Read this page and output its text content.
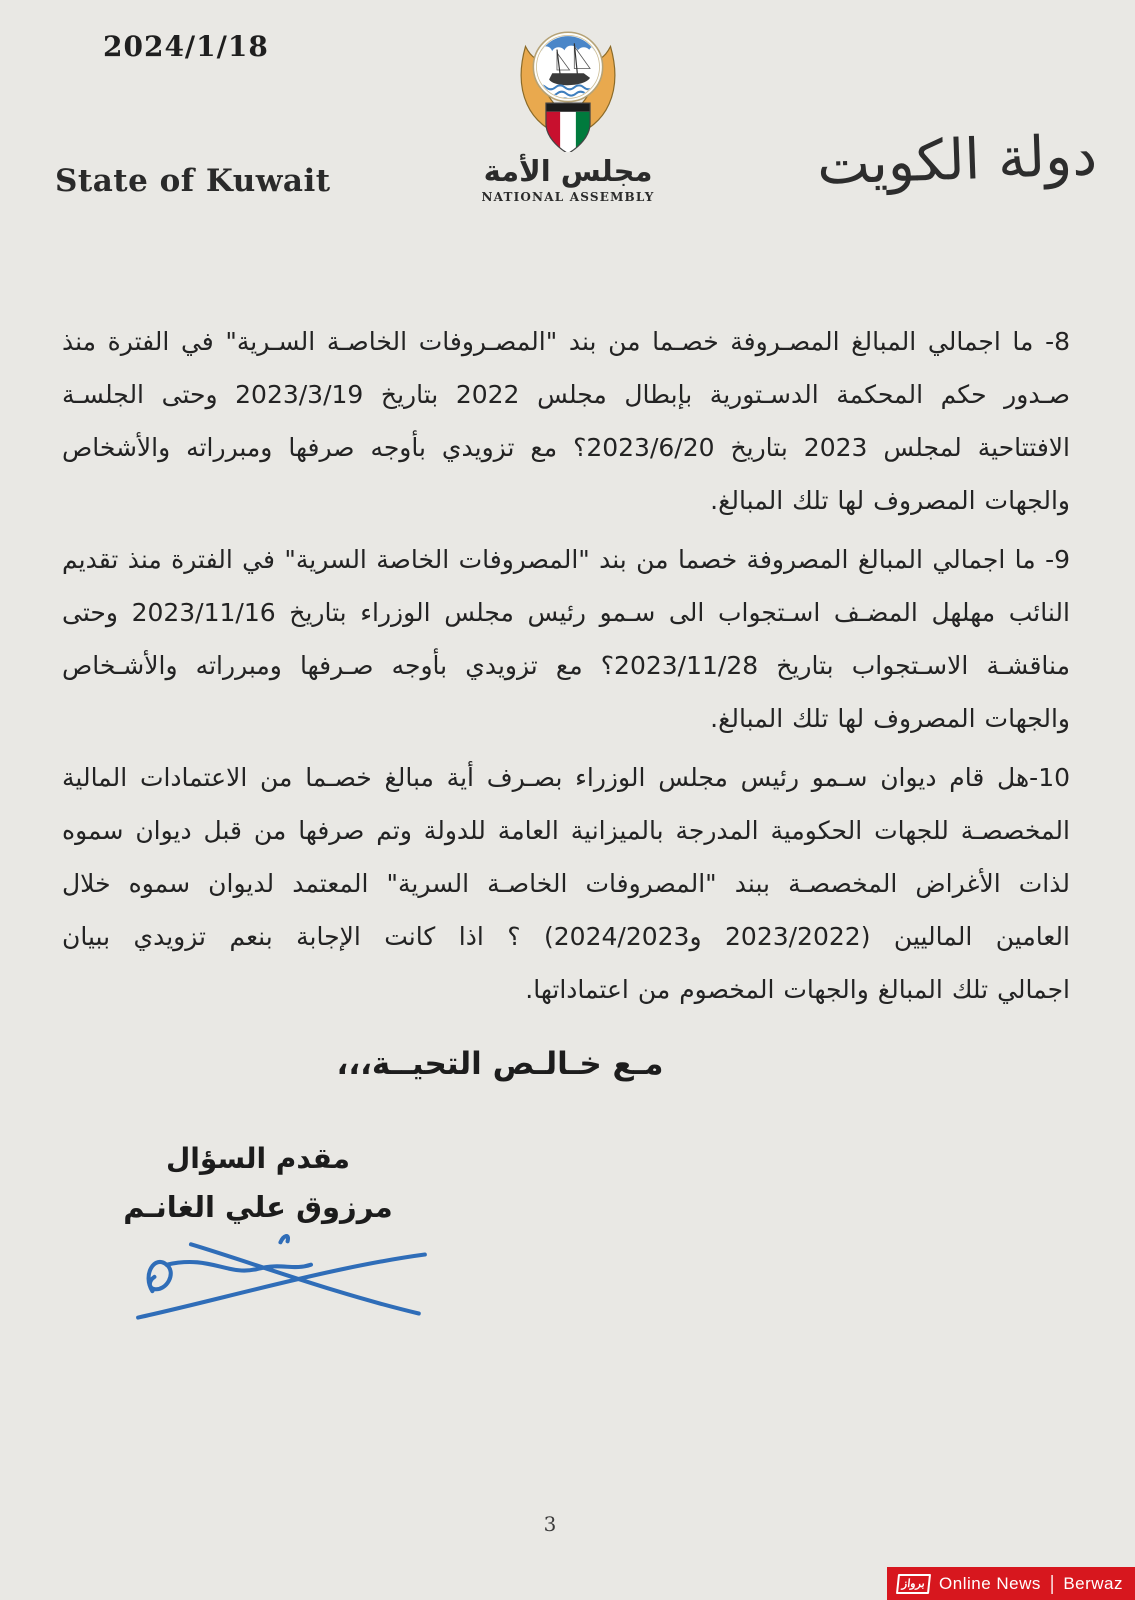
2024/1/18
State of Kuwait	دولة الكويت
مجلس الأمة
NATIONAL ASSEMBLY
8- ما اجمالي المبالغ المصـروفة خصـما من بند "المصـروفات الخاصـة السـرية" في الفترة منذ
صـدور حكم المحكمة الدسـتورية بإبطال مجلس 2022 بتاريخ 2023/3/19 وحتى الجلسـة
الافتتاحية لمجلس 2023 بتاريخ 2023/6/20؟ مع تزويدي بأوجه صرفها ومبرراته والأشخاص
والجهات المصروف لها تلك المبالغ.
9- ما اجمالي المبالغ المصروفة خصما من بند "المصروفات الخاصة السرية" في الفترة منذ تقديم
النائب مهلهل المضـف اسـتجواب الى سـمو رئيس مجلس الوزراء بتاريخ 2023/11/16 وحتى
مناقشـة الاسـتجواب بتاريخ 2023/11/28؟ مع تزويدي بأوجه صـرفها ومبرراته والأشـخاص
والجهات المصروف لها تلك المبالغ.
10-هل قام ديوان سـمو رئيس مجلس الوزراء بصـرف أية مبالغ خصـما من الاعتمادات المالية
المخصصـة للجهات الحكومية المدرجة بالميزانية العامة للدولة وتم صرفها من قبل ديوان سموه
لذات الأغراض المخصصـة ببند "المصروفات الخاصـة السرية" المعتمد لديوان سموه خلال
العامين الماليين (2023/2022 و2024/2023) ؟ اذا كانت الإجابة بنعم تزويدي ببيان
اجمالي تلك المبالغ والجهات المخصوم من اعتماداتها.
مـع خـالـص التحيــة،،،
مقدم السؤال
مرزوق علي الغانـم
3
برواز Online News | Berwaz
